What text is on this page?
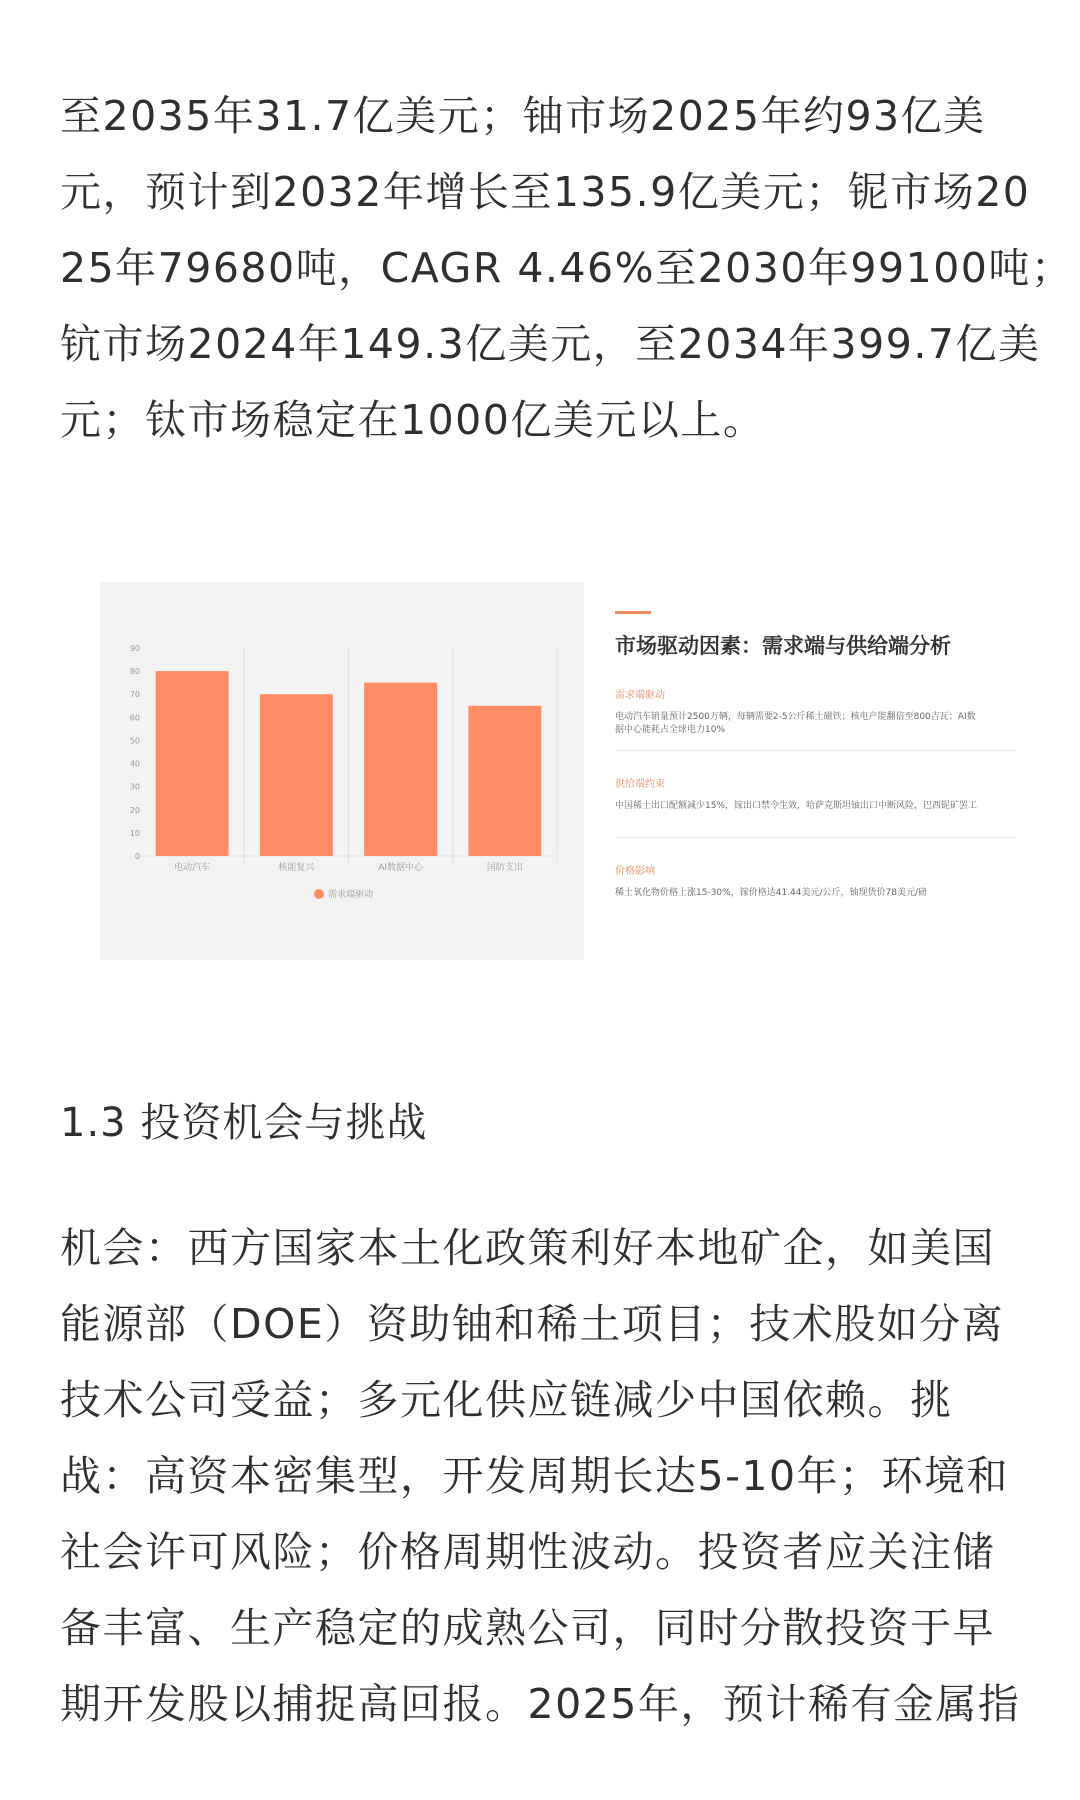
至2035年31.7亿美元；铀市场2025年约93亿美
元，预计到2032年增长至135.9亿美元；铌市场20
25年79680吨，CAGR 4.46%至2030年99100吨；
钪市场2024年149.3亿美元，至2034年399.7亿美
元；钛市场稳定在1000亿美元以上。
0
10
20
30
40
50
60
70
80
90
电动汽车	核能复兴	AI数据中心	国防支出
需求端驱动
市场驱动因素：需求端与供给端分析
需求端驱动
电动汽车销量预计2500万辆，每辆需要2-5公斤稀土磁铁；核电产能翻倍至800吉瓦；AI数
据中心能耗占全球电力10%
供给端约束
中国稀土出口配额减少15%，镓出口禁令生效，哈萨克斯坦铀出口中断风险，巴西铌矿罢工
价格影响
稀土氧化物价格上涨15-30%，镓价格达41.44美元/公斤，铀现货价78美元/磅
1.3 投资机会与挑战
机会：西方国家本土化政策利好本地矿企，如美国
能源部（DOE）资助铀和稀土项目；技术股如分离
技术公司受益；多元化供应链减少中国依赖。挑
战：高资本密集型，开发周期长达5-10年；环境和
社会许可风险；价格周期性波动。投资者应关注储
备丰富、生产稳定的成熟公司，同时分散投资于早
期开发股以捕捉高回报。2025年，预计稀有金属指
